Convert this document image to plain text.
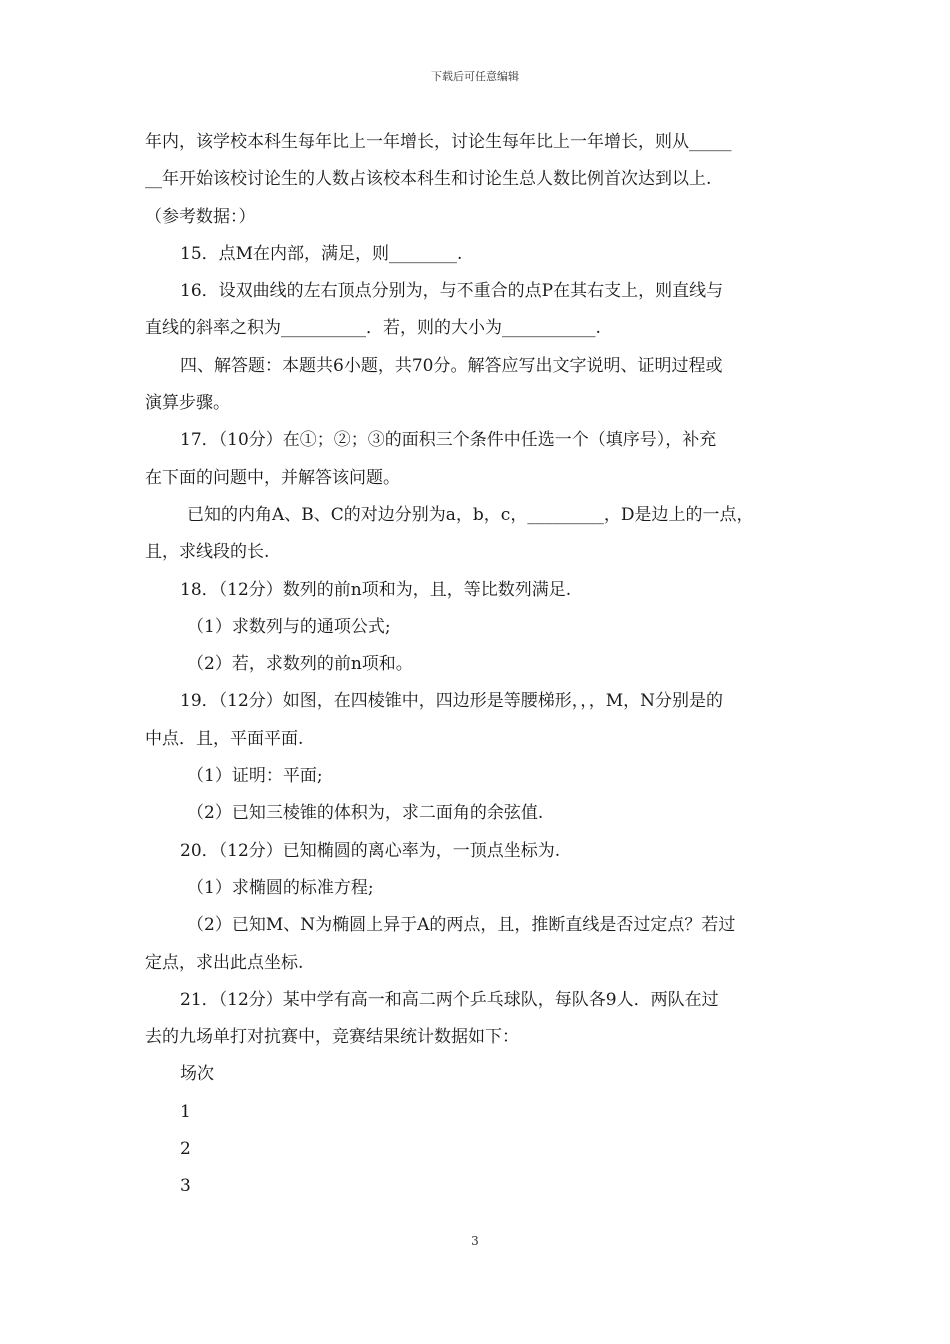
下载后可任意编辑
年内，该学校本科生每年比上一年增长，讨论生每年比上一年增长，则从_____
__年开始该校讨论生的人数占该校本科生和讨论生总人数比例首次达到以上.
（参考数据：）
15．点M在内部，满足，则________.
16．设双曲线的左右顶点分别为，与不重合的点P在其右支上，则直线与
直线的斜率之积为__________．若，则的大小为___________.
四、解答题：本题共6小题，共70分。解答应写出文字说明、证明过程或
演算步骤。
17．（10分）在①；②；③的面积三个条件中任选一个（填序号），补充
在下面的问题中，并解答该问题。
已知的内角A、B、C的对边分别为a，b，c，_________，D是边上的一点，
且，求线段的长.
18．（12分）数列的前n项和为，且，等比数列满足.
（1）求数列与的通项公式;
（2）若，求数列的前n项和。
19．（12分）如图，在四棱锥中，四边形是等腰梯形，，，M，N分别是的
中点．且，平面平面.
（1）证明：平面;
（2）已知三棱锥的体积为，求二面角的余弦值.
20．（12分）已知椭圆的离心率为，一顶点坐标为.
（1）求椭圆的标准方程;
（2）已知M、N为椭圆上异于A的两点，且，推断直线是否过定点？若过
定点，求出此点坐标.
21．（12分）某中学有高一和高二两个乒乓球队，每队各9人．两队在过
去的九场单打对抗赛中，竞赛结果统计数据如下：
场次
1
2
3
3
